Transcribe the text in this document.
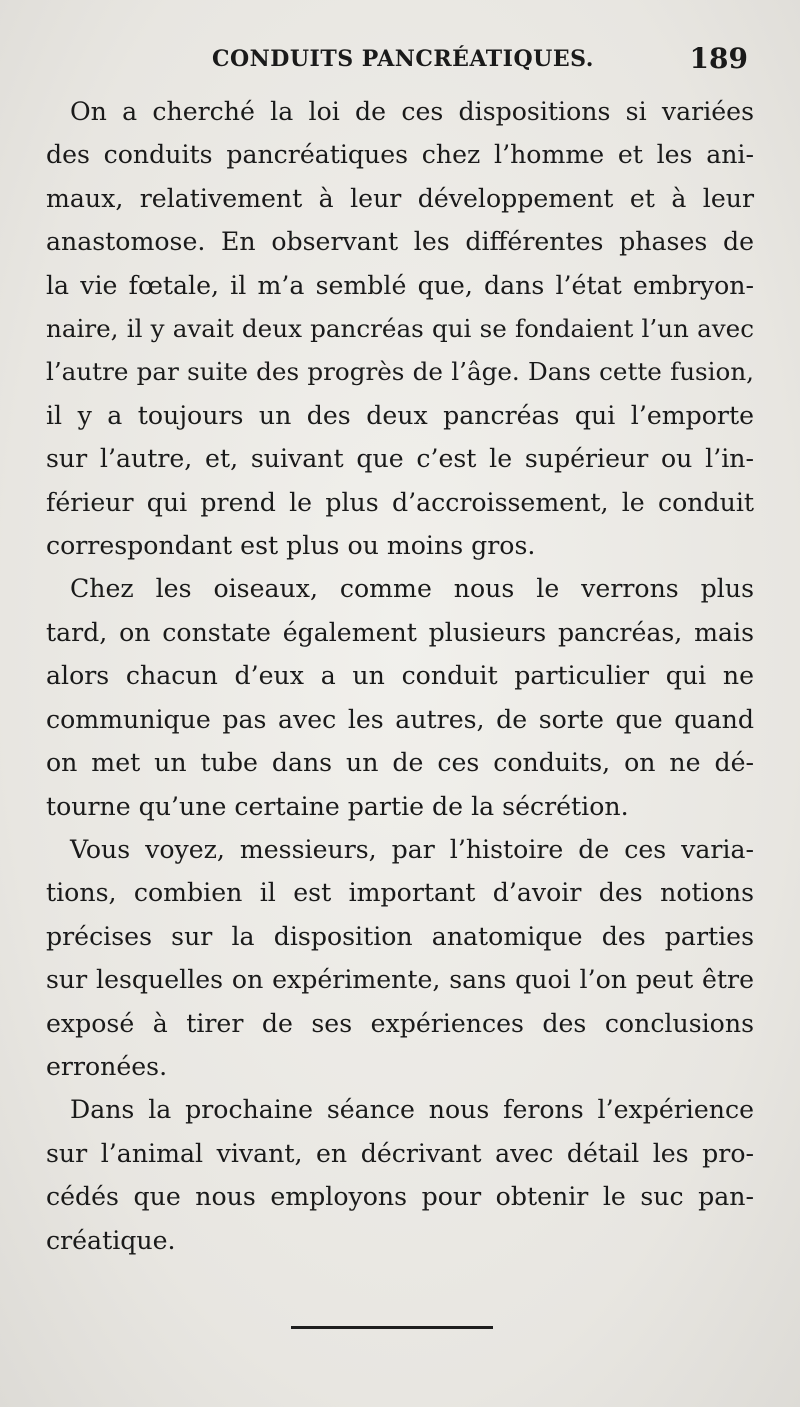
CONDUITS PANCRÉATIQUES.	189

On a cherché la loi de ces dispositions si variées
des conduits pancréatiques chez l’homme et les ani-
maux, relativement à leur développement et à leur
anastomose. En observant les différentes phases de
la vie fœtale, il m’a semblé que, dans l’état embryon-
naire, il y avait deux pancréas qui se fondaient l’un avec
l’autre par suite des progrès de l’âge. Dans cette fusion,
il y a toujours un des deux pancréas qui l’emporte
sur l’autre, et, suivant que c’est le supérieur ou l’in-
férieur qui prend le plus d’accroissement, le conduit
correspondant est plus ou moins gros.

Chez les oiseaux, comme nous le verrons plus
tard, on constate également plusieurs pancréas, mais
alors chacun d’eux a un conduit particulier qui ne
communique pas avec les autres, de sorte que quand
on met un tube dans un de ces conduits, on ne dé-
tourne qu’une certaine partie de la sécrétion.

Vous voyez, messieurs, par l’histoire de ces varia-
tions, combien il est important d’avoir des notions
précises sur la disposition anatomique des parties
sur lesquelles on expérimente, sans quoi l’on peut être
exposé à tirer de ses expériences des conclusions
erronées.

Dans la prochaine séance nous ferons l’expérience
sur l’animal vivant, en décrivant avec détail les pro-
cédés que nous employons pour obtenir le suc pan-
créatique.
